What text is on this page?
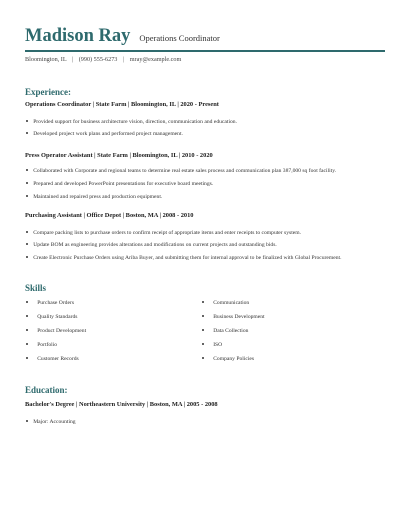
Madison Ray Operations Coordinator
Bloomington, IL | (990) 555-6273 | mray@example.com
Experience:
Operations Coordinator | State Farm | Bloomington, IL | 2020 - Present
Provided support for business architecture vision, direction, communication and education.
Developed project work plans and performed project management.
Press Operator Assistant | State Farm | Bloomington, IL | 2010 - 2020
Collaborated with Corporate and regional teams to determine real estate sales process and communication plan 387,000 sq foot facility.
Prepared and developed PowerPoint presentations for executive board meetings.
Maintained and repaired press and production equipment.
Purchasing Assistant | Office Depot | Boston, MA | 2008 - 2010
Compare packing lists to purchase orders to confirm receipt of appropriate items and enter receipts to computer system.
Update BOM as engineering provides alterations and modifications on current projects and outstanding bids.
Create Electronic Purchase Orders using Ariba Buyer, and submitting them for internal approval to be finalized with Global Procurement.
Skills
Purchase Orders
Quality Standards
Product Development
Portfolio
Customer Records
Communication
Business Development
Data Collection
ISO
Company Policies
Education:
Bachelor's Degree | Northeastern University | Boston, MA | 2005 - 2008
Major: Accounting
